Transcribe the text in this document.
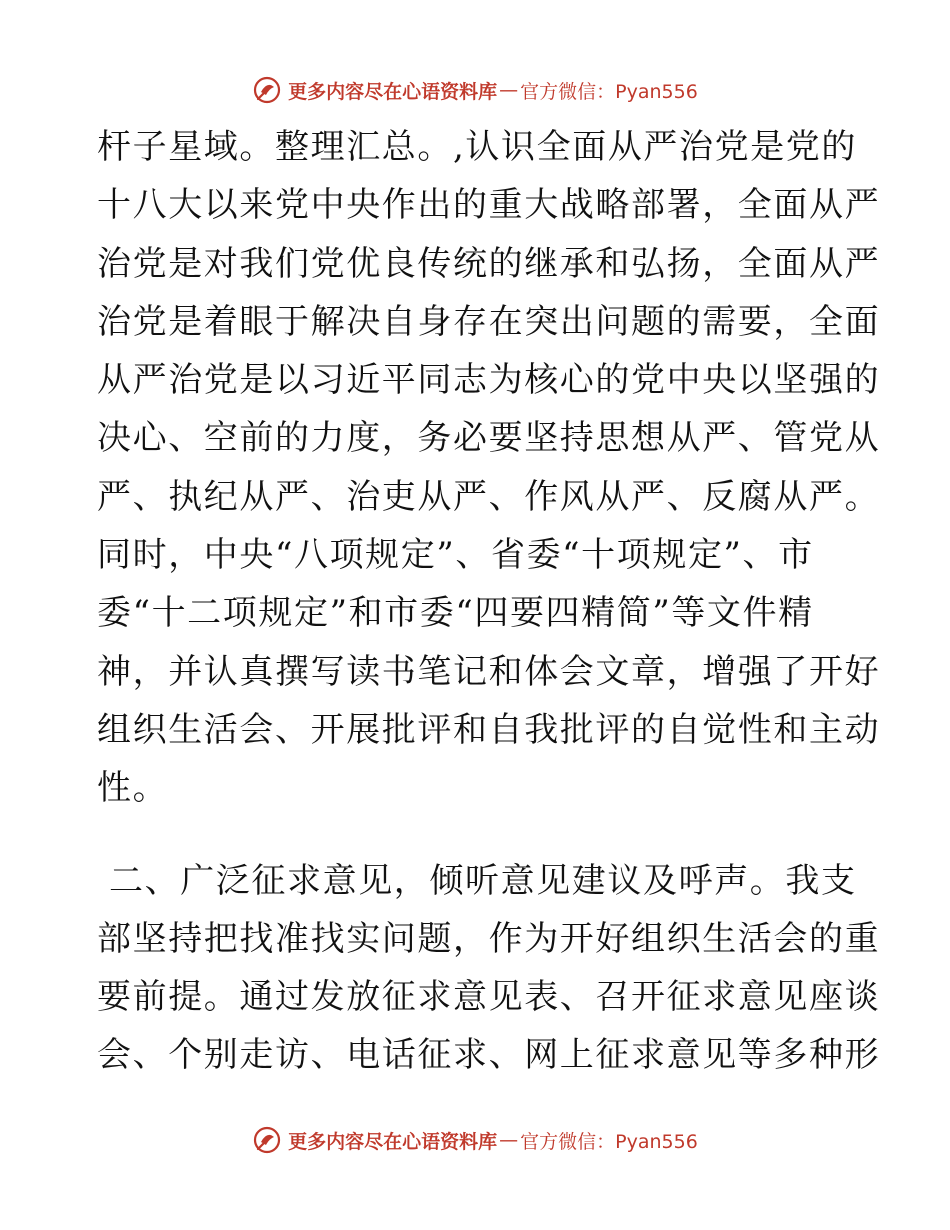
更多内容尽在心语资料库 — 官方微信：Pyan556
杆子星域。整理汇总。,认识全面从严治党是党的
十八大以来党中央作出的重大战略部署，全面从严
治党是对我们党优良传统的继承和弘扬，全面从严
治党是着眼于解决自身存在突出问题的需要，全面
从严治党是以习近平同志为核心的党中央以坚强的
决心、空前的力度，务必要坚持思想从严、管党从
严、执纪从严、治吏从严、作风从严、反腐从严。
同时，中央“八项规定”、省委“十项规定”、市
委“十二项规定”和市委“四要四精简”等文件精
神，并认真撰写读书笔记和体会文章，增强了开好
组织生活会、开展批评和自我批评的自觉性和主动
性。
二、广泛征求意见，倾听意见建议及呼声。我支
部坚持把找准找实问题，作为开好组织生活会的重
要前提。通过发放征求意见表、召开征求意见座谈
会、个别走访、电话征求、网上征求意见等多种形
更多内容尽在心语资料库 — 官方微信：Pyan556
